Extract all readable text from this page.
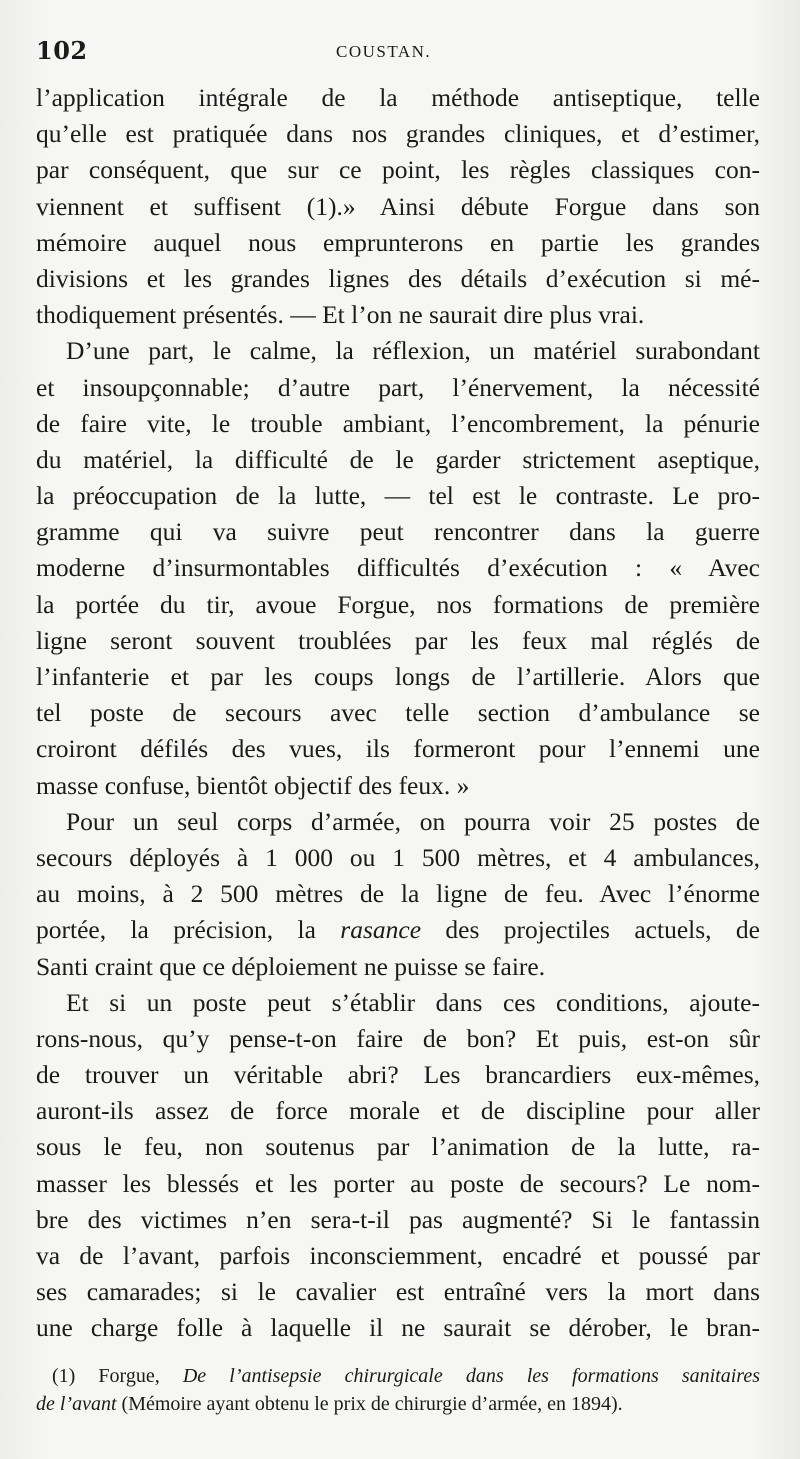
102	COUSTAN.
l’application intégrale de la méthode antiseptique, telle
qu’elle est pratiquée dans nos grandes cliniques, et d’estimer,
par conséquent, que sur ce point, les règles classiques con-
viennent et suffisent (1).» Ainsi débute Forgue dans son
mémoire auquel nous emprunterons en partie les grandes
divisions et les grandes lignes des détails d’exécution si mé-
thodiquement présentés. — Et l’on ne saurait dire plus vrai.
D’une part, le calme, la réflexion, un matériel surabondant
et insoupçonnable; d’autre part, l’énervement, la nécessité
de faire vite, le trouble ambiant, l’encombrement, la pénurie
du matériel, la difficulté de le garder strictement aseptique,
la préoccupation de la lutte, — tel est le contraste. Le pro-
gramme qui va suivre peut rencontrer dans la guerre
moderne d’insurmontables difficultés d’exécution : « Avec
la portée du tir, avoue Forgue, nos formations de première
ligne seront souvent troublées par les feux mal réglés de
l’infanterie et par les coups longs de l’artillerie. Alors que
tel poste de secours avec telle section d’ambulance se
croiront défilés des vues, ils formeront pour l’ennemi une
masse confuse, bientôt objectif des feux. »
Pour un seul corps d’armée, on pourra voir 25 postes de
secours déployés à 1 000 ou 1 500 mètres, et 4 ambulances,
au moins, à 2 500 mètres de la ligne de feu. Avec l’énorme
portée, la précision, la rasance des projectiles actuels, de
Santi craint que ce déploiement ne puisse se faire.
Et si un poste peut s’établir dans ces conditions, ajoute-
rons-nous, qu’y pense-t-on faire de bon? Et puis, est-on sûr
de trouver un véritable abri? Les brancardiers eux-mêmes,
auront-ils assez de force morale et de discipline pour aller
sous le feu, non soutenus par l’animation de la lutte, ra-
masser les blessés et les porter au poste de secours? Le nom-
bre des victimes n’en sera-t-il pas augmenté? Si le fantassin
va de l’avant, parfois inconsciemment, encadré et poussé par
ses camarades; si le cavalier est entraîné vers la mort dans
une charge folle à laquelle il ne saurait se dérober, le bran-
(1) Forgue, De l’antisepsie chirurgicale dans les formations sanitaires
de l’avant (Mémoire ayant obtenu le prix de chirurgie d’armée, en 1894).
